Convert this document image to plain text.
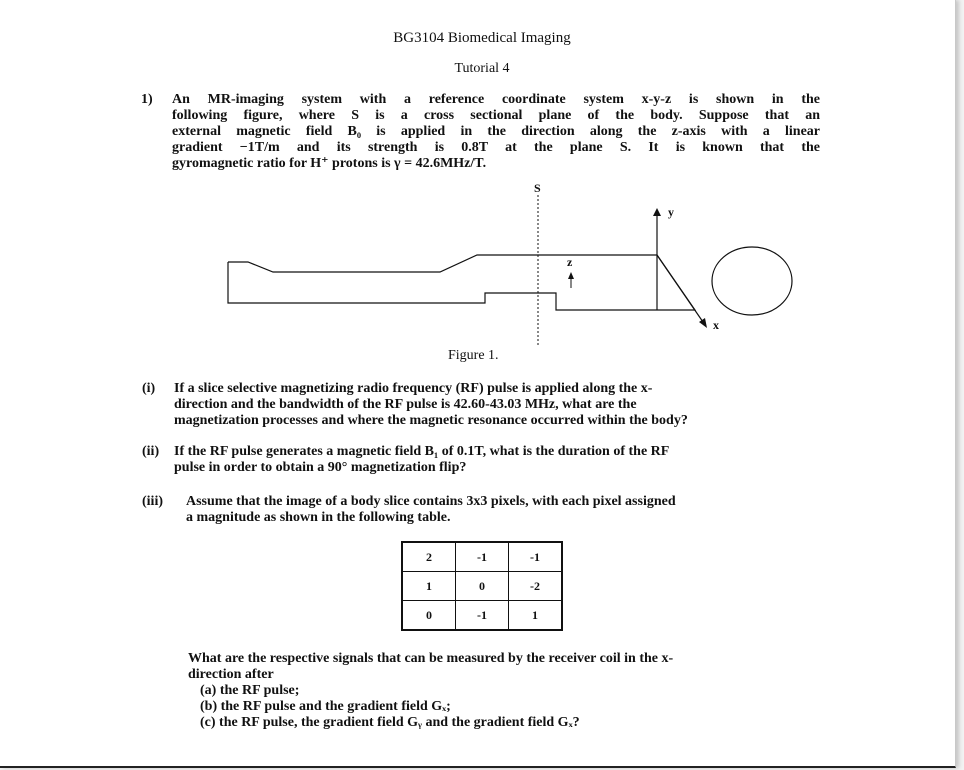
BG3104 Biomedical Imaging
Tutorial 4
1) An MR-imaging system with a reference coordinate system x-y-z is shown in the
following figure, where S is a cross sectional plane of the body. Suppose that an
external magnetic field B₀ is applied in the direction along the z-axis with a linear
gradient −1T/m and its strength is 0.8T at the plane S. It is known that the
gyromagnetic ratio for H⁺ protons is γ = 42.6MHz/T.
S
y
z
x
Figure 1.
(i) If a slice selective magnetizing radio frequency (RF) pulse is applied along the x-
direction and the bandwidth of the RF pulse is 42.60-43.03 MHz, what are the
magnetization processes and where the magnetic resonance occurred within the body?
(ii) If the RF pulse generates a magnetic field B₁ of 0.1T, what is the duration of the RF
pulse in order to obtain a 90° magnetization flip?
(iii) Assume that the image of a body slice contains 3x3 pixels, with each pixel assigned
a magnitude as shown in the following table.
2	-1	-1
1	0	-2
0	-1	1
What are the respective signals that can be measured by the receiver coil in the x-
direction after
(a) the RF pulse;
(b) the RF pulse and the gradient field Gₓ;
(c) the RF pulse, the gradient field Gᵧ and the gradient field Gₓ?
